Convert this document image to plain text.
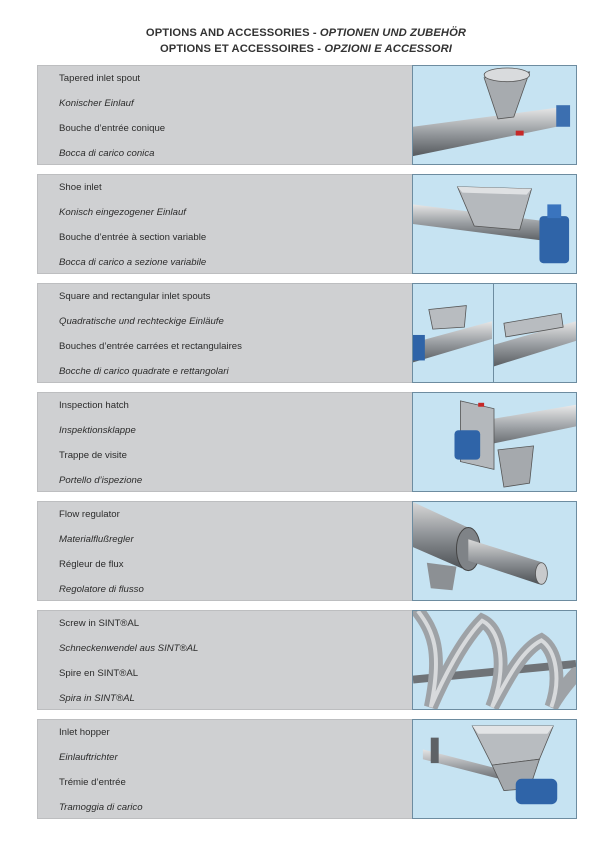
OPTIONS AND ACCESSORIES - OPTIONEN UND ZUBEHÖR
OPTIONS ET ACCESSOIRES - OPZIONI E ACCESSORI
Tapered inlet spout
Konischer Einlauf
Bouche d’entrée conique
Bocca di carico conica
Shoe inlet
Konisch eingezogener Einlauf
Bouche d’entrée à section variable
Bocca di carico a sezione variabile
Square and rectangular inlet spouts
Quadratische und rechteckige Einläufe
Bouches d’entrée carrées et rectangulaires
Bocche di carico quadrate e rettangolari
Inspection hatch
Inspektionsklappe
Trappe de visite
Portello d’ispezione
Flow regulator
Materialflußregler
Régleur de flux
Regolatore di flusso
Screw in SINT®AL
Schneckenwendel aus SINT®AL
Spire en SINT®AL
Spira in SINT®AL
Inlet hopper
Einlauftrichter
Trémie d’entrée
Tramoggia di carico
